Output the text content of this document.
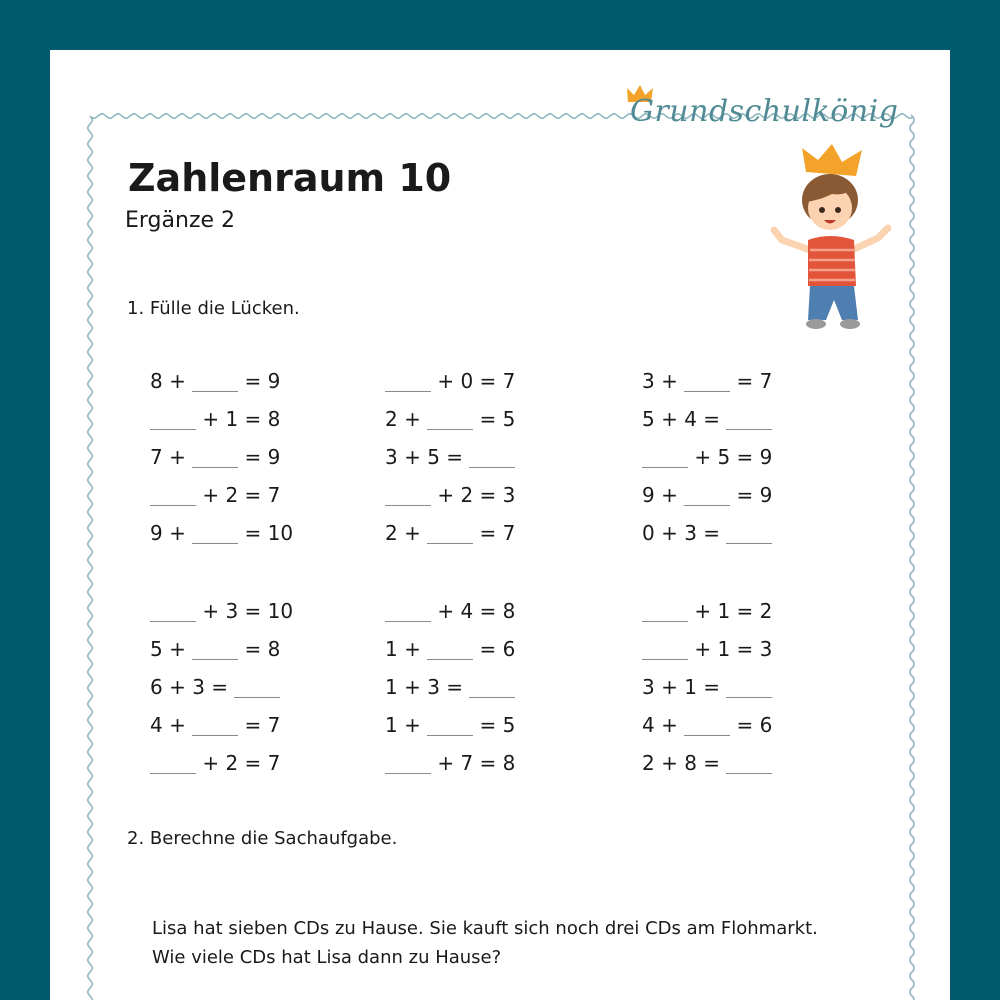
Grundschulkönig
Zahlenraum 10
Ergänze 2
1. Fülle die Lücken.
8 +  = 9
+ 1 = 8
7 +  = 9
+ 2 = 7
9 +  = 10
+ 3 = 10
5 +  = 8
6 + 3 =
4 +  = 7
+ 2 = 7
+ 0 = 7
2 +  = 5
3 + 5 =
+ 2 = 3
2 +  = 7
+ 4 = 8
1 +  = 6
1 + 3 =
1 +  = 5
+ 7 = 8
3 +  = 7
5 + 4 =
+ 5 = 9
9 +  = 9
0 + 3 =
+ 1 = 2
+ 1 = 3
3 + 1 =
4 +  = 6
2 + 8 =
2. Berechne die Sachaufgabe.
Lisa hat sieben CDs zu Hause. Sie kauft sich noch drei CDs am Flohmarkt.
Wie viele CDs hat Lisa dann zu Hause?
